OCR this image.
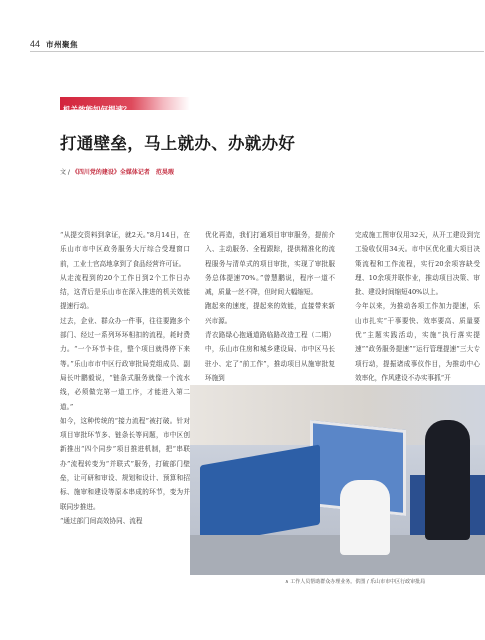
44 市州聚焦
机关效能如何提速？
打通壁垒，马上就办、办就办好
文 / 《四川党的建设》全媒体记者　范昊瑕

“从提交资料到拿证，就2天。”8月14日，在乐山市市中区政务服务大厅综合受理窗口前，工业士官高地拿到了食品经营许可证。

从走流程到的20个工作日到2个工作日办结，这背后是乐山市在深入推进的机关效能提速行动。

过去，企业、群众办一件事，往往要跑多个部门、经过一系列环环相扣的流程，耗时费力。“一个环节卡住，整个项目就得停下来等。”乐山市市中区行政审批局党组成员、副局长叶鹏毅说，“链条式服务就像一个流水线，必须做完第一道工序，才能进入第二道。”

如今，这种传统的“接力流程”被打破。针对项目审批环节多、链条长等问题，市中区创新推出“四个同步”项目推进机制，把“串联办”流程转变为“并联式”服务，打破部门壁垒，让可研和审设、规划和设计、预算和招标、施审和建设等原本串成的环节，变为并联同步推进。

“通过部门间高效协同、流程

优化再造，我们打通项目审审服务，提前介入、主动服务、全程跟踪，提供精准化的流程服务与清单式的项目审批，实现了审批服务总体提速70%。”曾慧鹏说，程序一道不减，质量一丝不降，但时间大幅缩短。

跑起来的速度，提起来的效能，直接带来新兴市源。

青衣路绿心抱通道路临路改造工程（二期）中，乐山市住房和城乡建设局、市中区马长驻小、定了“前工作”，推动项目从施审批复环施到

完成施工图审仅用32天，从开工建设到完工验收仅用34天。市中区优化重大项目决策流程和工作流程，实行20余项容缺受理、10余项并联作业，推动项目决策、审批、建设时间缩短40%以上。

今年以来，为推动各项工作加力提速，乐山市扎实“干事要快、效率要高、质量要优”主题实践活动，实施“执行落实提速”“政务服务提速”“运行管理提速”三大专项行动，提振诸成事仪作目，为推动中心效率化，作风建设不办实事抓“开

∧ 工作人员帮助群众办理业务。供图 / 乐山市市中区行政审批局
